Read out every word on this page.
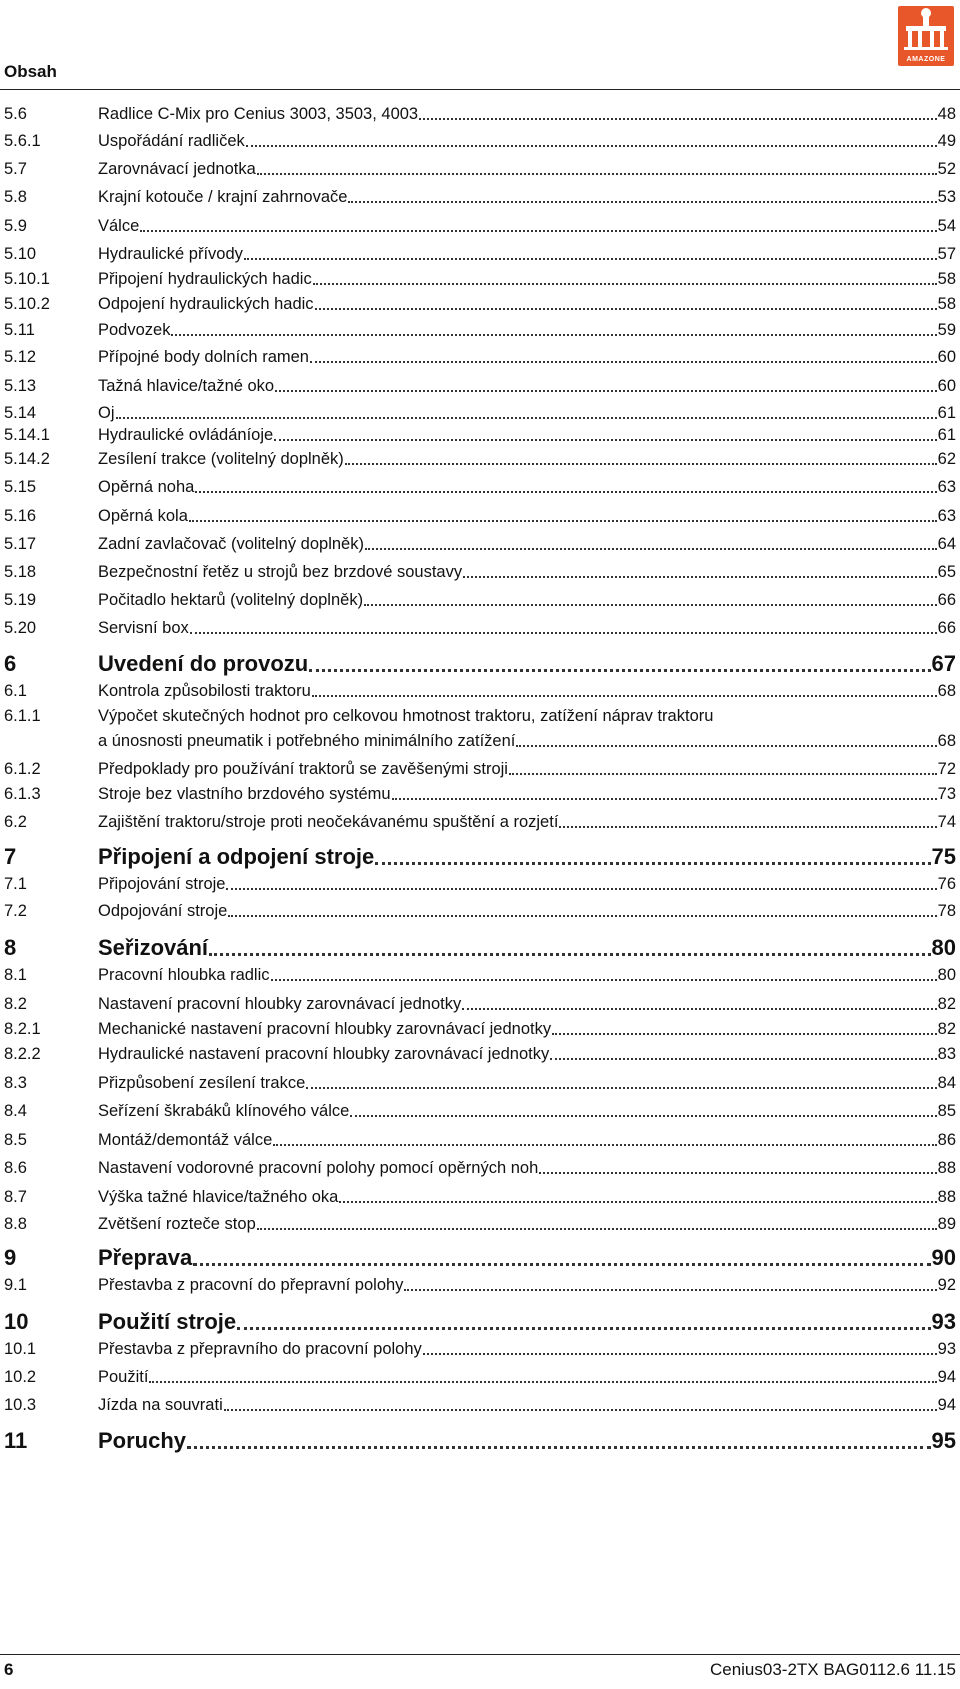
AMAZONE
Obsah
5.6	Radlice C-Mix pro Cenius 3003, 3503, 4003	48
5.6.1	Uspořádání radliček	49
5.7	Zarovnávací jednotka	52
5.8	Krajní kotouče / krajní zahrnovače	53
5.9	Válce	54
5.10	Hydraulické přívody	57
5.10.1	Připojení hydraulických hadic	58
5.10.2	Odpojení hydraulických hadic	58
5.11	Podvozek	59
5.12	Přípojné body dolních ramen	60
5.13	Tažná hlavice/tažné oko	60
5.14	Oj	61
5.14.1	Hydraulické ovládáníoje	61
5.14.2	Zesílení trakce (volitelný doplněk)	62
5.15	Opěrná noha	63
5.16	Opěrná kola	63
5.17	Zadní zavlačovač (volitelný doplněk)	64
5.18	Bezpečnostní řetěz u strojů bez brzdové soustavy	65
5.19	Počitadlo hektarů (volitelný doplněk)	66
5.20	Servisní box	66
6	Uvedení do provozu	67
6.1	Kontrola způsobilosti traktoru	68
6.1.1	Výpočet skutečných hodnot pro celkovou hmotnost traktoru, zatížení náprav traktoru
a únosnosti pneumatik i potřebného minimálního zatížení	68
6.1.2	Předpoklady pro používání traktorů se zavěšenými stroji	72
6.1.3	Stroje bez vlastního brzdového systému	73
6.2	Zajištění traktoru/stroje proti neočekávanému spuštění a rozjetí	74
7	Připojení a odpojení stroje	75
7.1	Připojování stroje	76
7.2	Odpojování stroje	78
8	Seřizování	80
8.1	Pracovní hloubka radlic	80
8.2	Nastavení pracovní hloubky zarovnávací jednotky	82
8.2.1	Mechanické nastavení pracovní hloubky zarovnávací jednotky	82
8.2.2	Hydraulické nastavení pracovní hloubky zarovnávací jednotky	83
8.3	Přizpůsobení zesílení trakce	84
8.4	Seřízení škrabáků klínového válce	85
8.5	Montáž/demontáž válce	86
8.6	Nastavení vodorovné pracovní polohy pomocí opěrných noh	88
8.7	Výška tažné hlavice/tažného oka	88
8.8	Zvětšení rozteče stop	89
9	Přeprava	90
9.1	Přestavba z pracovní do přepravní polohy	92
10	Použití stroje	93
10.1	Přestavba z přepravního do pracovní polohy	93
10.2	Použití	94
10.3	Jízda na souvrati	94
11	Poruchy	95
6	Cenius03-2TX BAG0112.6 11.15
